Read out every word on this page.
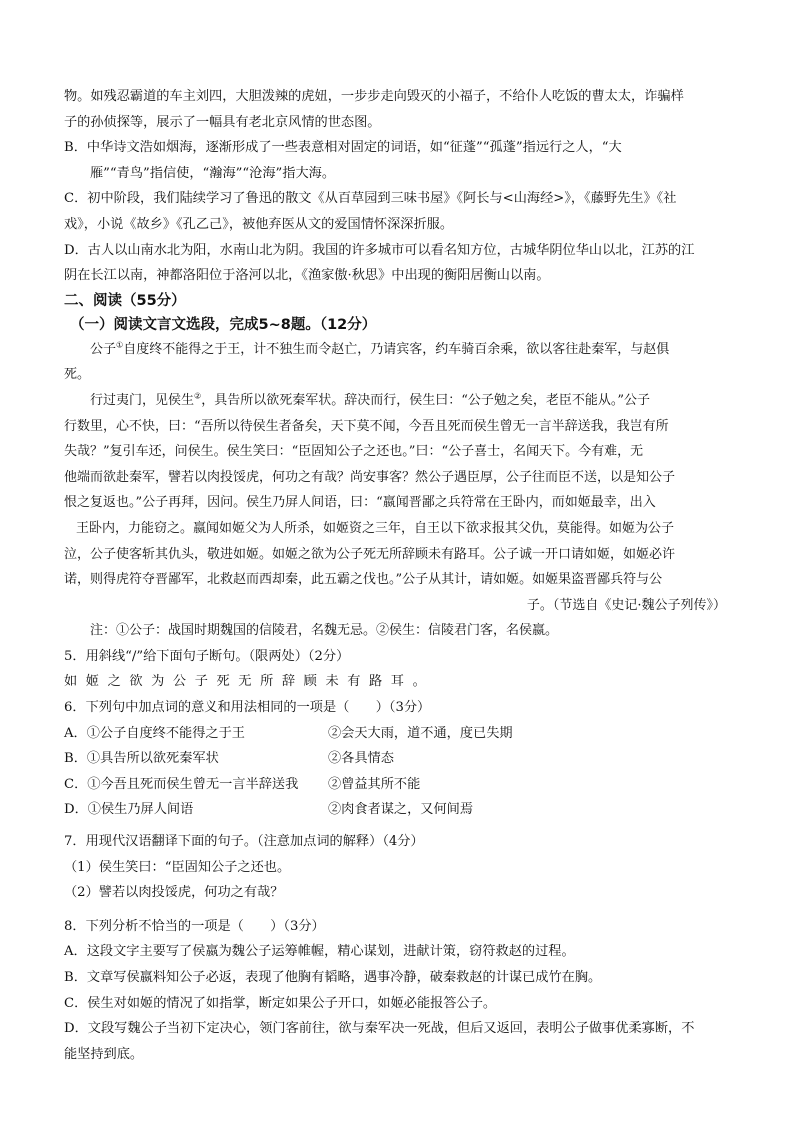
物。如残忍霸道的车主刘四，大胆泼辣的虎妞，一步步走向毁灭的小福子，不给仆人吃饭的曹太太，诈骗样
子的孙侦探等，展示了一幅具有老北京风情的世态图。
B．中华诗文浩如烟海，逐渐形成了一些表意相对固定的词语，如“征蓬”“孤蓬”指远行之人，“大
雁”“青鸟”指信使，“瀚海”“沧海”指大海。
C．初中阶段，我们陆续学习了鲁迅的散文《从百草园到三味书屋》《阿长与<山海经>》，《藤野先生》《社
戏》，小说《故乡》《孔乙己》，被他弃医从文的爱国情怀深深折服。
D．古人以山南水北为阳，水南山北为阴。我国的许多城市可以看名知方位，古城华阴位华山以北，江苏的江
阴在长江以南，神都洛阳位于洛河以北，《渔家傲·秋思》中出现的衡阳居衡山以南。
二、阅读（55分）
（一）阅读文言文选段，完成5~8题。（12分）
公子①自度终不能得之于王，计不独生而令赵亡，乃请宾客，约车骑百余乘，欲以客往赴秦军，与赵俱
死。
行过夷门，见侯生②，具告所以欲死秦军状。辞决而行，侯生曰：“公子勉之矣，老臣不能从。”公子
行数里，心不快，曰：“吾所以待侯生者备矣，天下莫不闻，今吾且死而侯生曾无一言半辞送我，我岂有所
失哉？”复引车还，问侯生。侯生笑曰：“臣固知公子之还也。”曰：“公子喜士，名闻天下。今有难，无
他端而欲赴秦军，譬若以肉投馁虎，何功之有哉？尚安事客？然公子遇臣厚，公子往而臣不送，以是知公子
恨之复返也。”公子再拜，因问。侯生乃屏人间语，曰：“嬴闻晋鄙之兵符常在王卧内，而如姬最幸，出入
王卧内，力能窃之。嬴闻如姬父为人所杀，如姬资之三年，自王以下欲求报其父仇，莫能得。如姬为公子
泣，公子使客斩其仇头，敬进如姬。如姬之欲为公子死无所辞顾未有路耳。公子诚一开口请如姬，如姬必许
诺，则得虎符夺晋鄙军，北救赵而西却秦，此五霸之伐也。”公子从其计，请如姬。如姬果盗晋鄙兵符与公
子。（节选自《史记·魏公子列传》）
注：①公子：战国时期魏国的信陵君，名魏无忌。②侯生：信陵君门客，名侯嬴。
5．用斜线“/”给下面句子断句。（限两处）（2分）
如姬之欲为公子死无所辞顾未有路耳。
6．下列句中加点词的意义和用法相同的一项是（　　）（3分）
A．①公子自度终不能得之于王	②会天大雨，道不通，度已失期
B．①具告所以欲死秦军状	②各具情态
C．①今吾且死而侯生曾无一言半辞送我	②曾益其所不能
D．①侯生乃屏人间语	②肉食者谋之，又何间焉
7．用现代汉语翻译下面的句子。（注意加点词的解释）（4分）
（1）侯生笑曰：“臣固知公子之还也。
（2）譬若以肉投馁虎，何功之有哉？
8．下列分析不恰当的一项是（　　）（3分）
A．这段文字主要写了侯嬴为魏公子运筹帷幄，精心谋划，进献计策，窃符救赵的过程。
B．文章写侯嬴料知公子必返，表现了他胸有韬略，遇事冷静，破秦救赵的计谋已成竹在胸。
C．侯生对如姬的情况了如指掌，断定如果公子开口，如姬必能报答公子。
D．文段写魏公子当初下定决心，领门客前往，欲与秦军决一死战，但后又返回，表明公子做事优柔寡断，不
能坚持到底。
